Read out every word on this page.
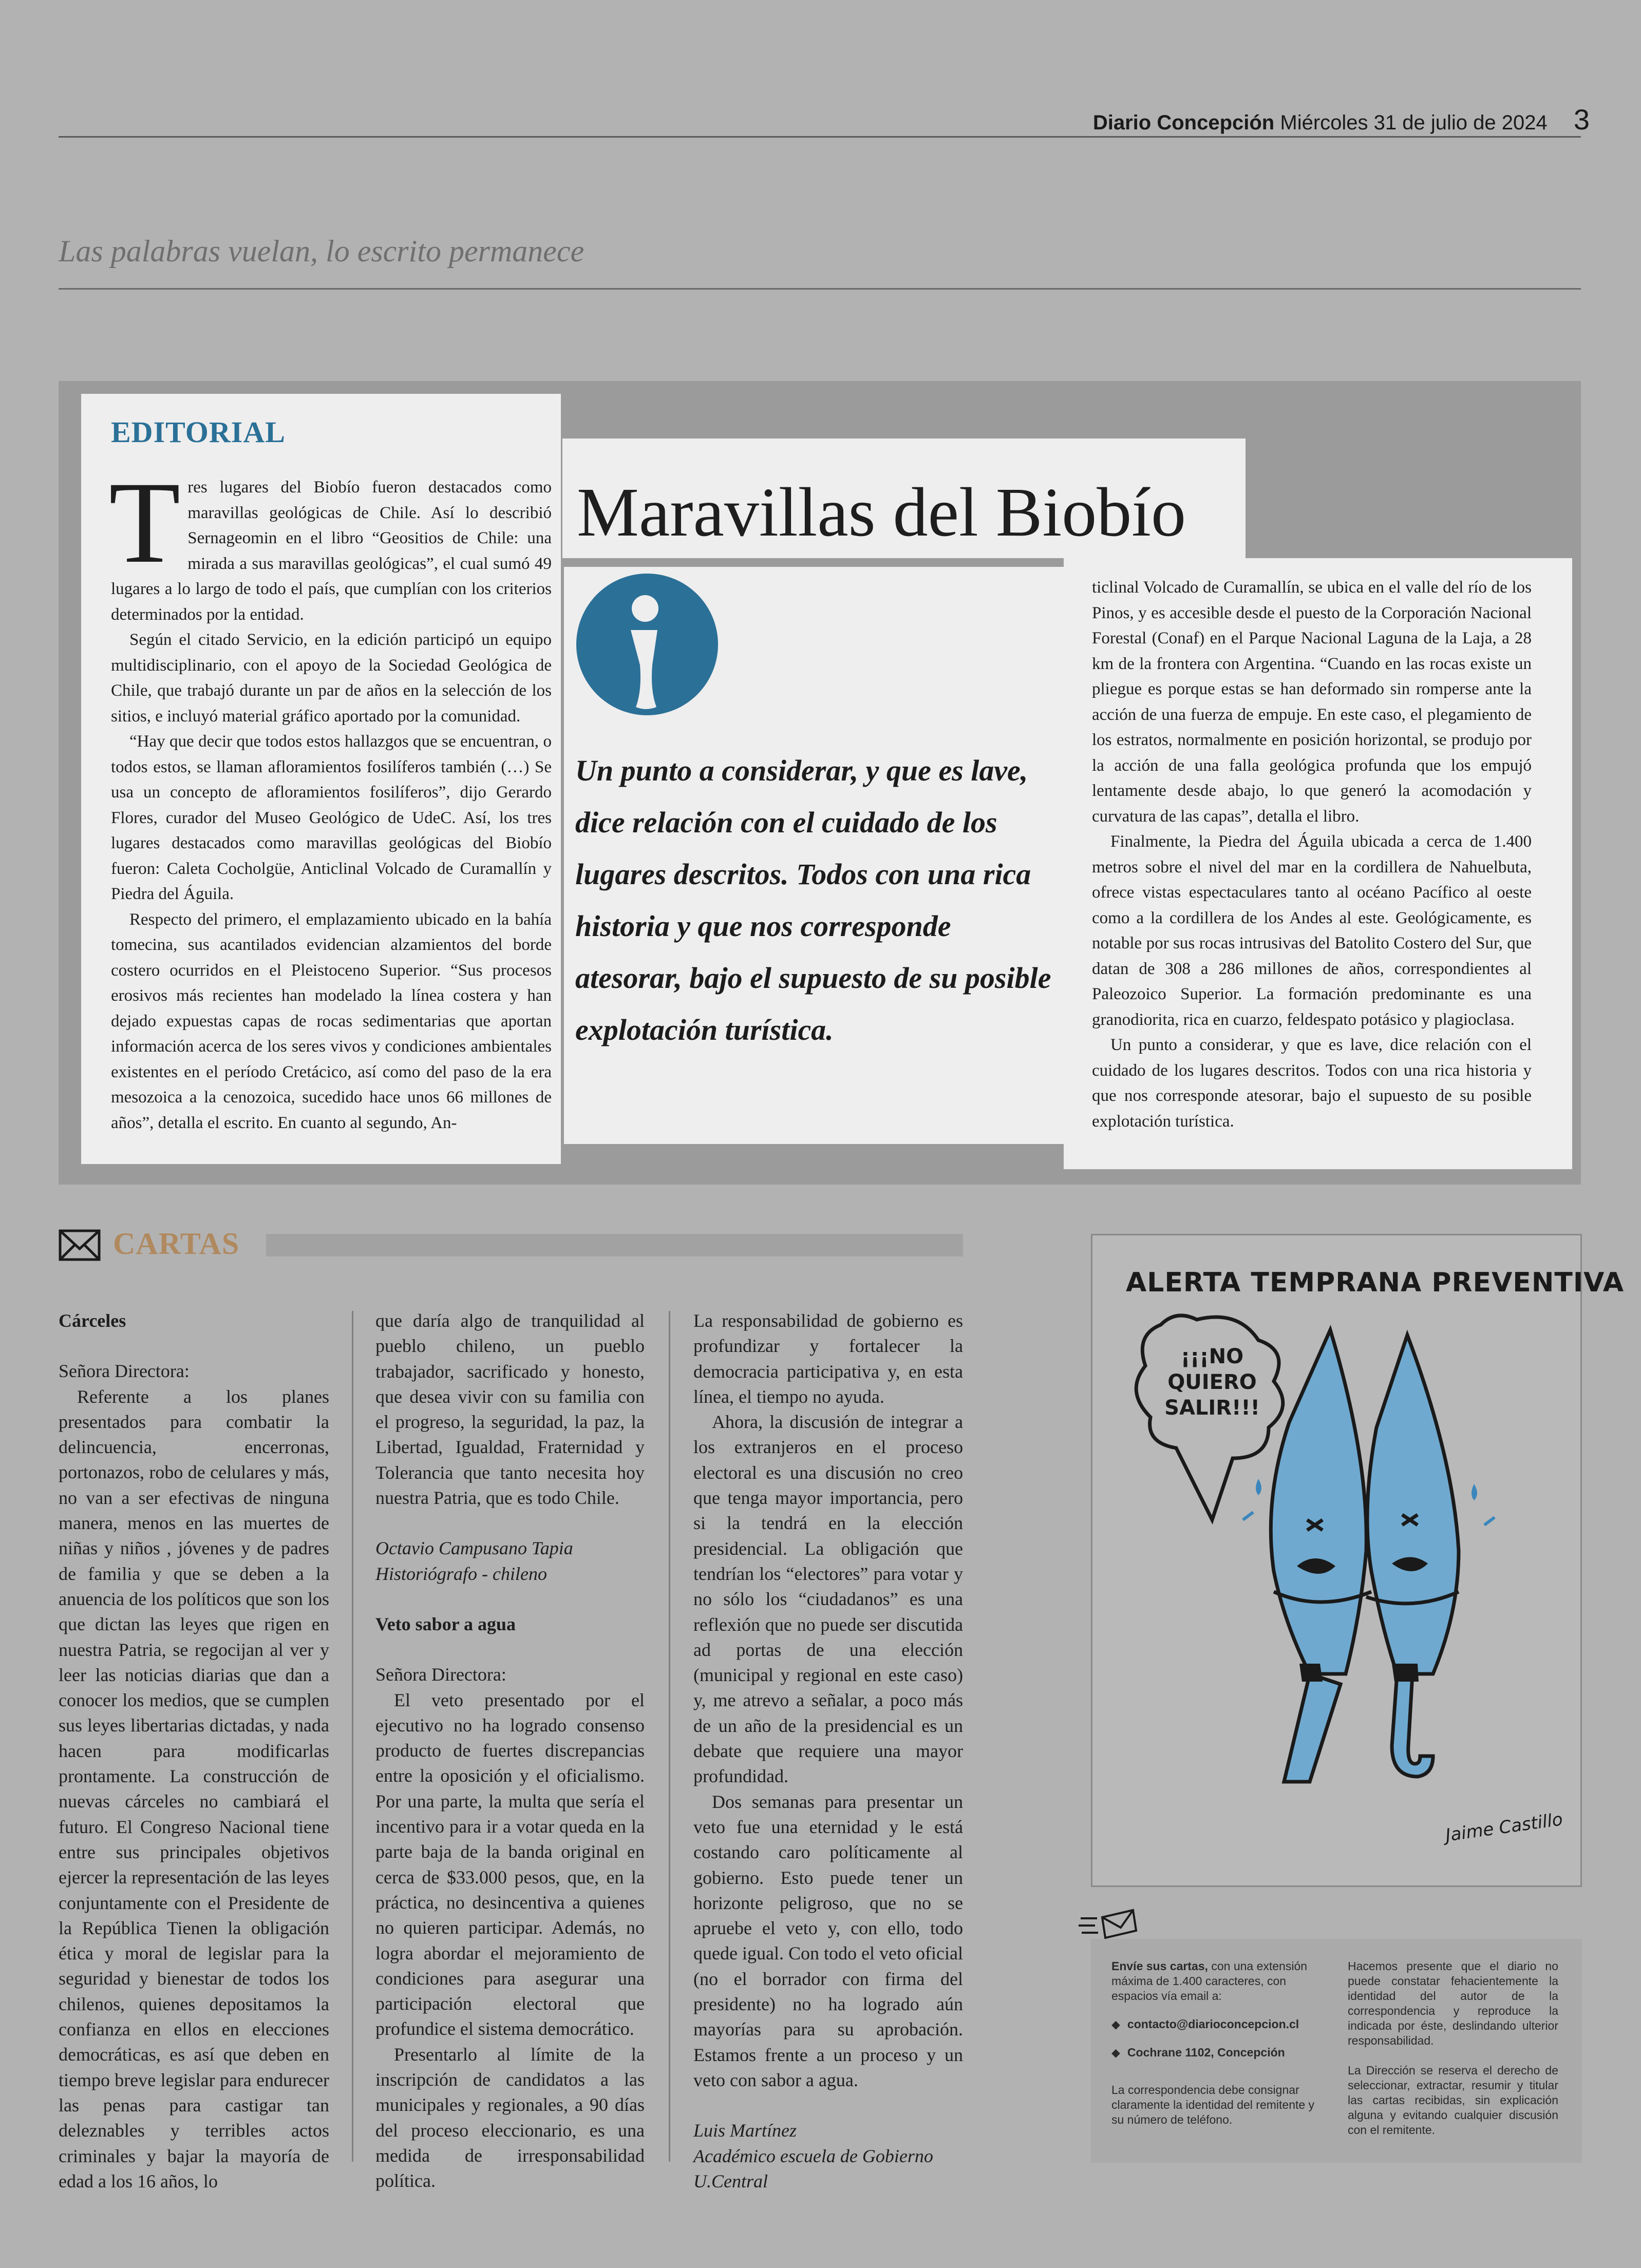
Diario Concepción Miércoles 31 de julio de 2024 3
Las palabras vuelan, lo escrito permanece
EDITORIAL
Maravillas del Biobío

Tres lugares del Biobío fueron destacados como maravillas geológicas de Chile. Así lo describió Sernageomin en el libro “Geositios de Chile: una mirada a sus maravillas geológicas”, el cual sumó 49 lugares a lo largo de todo el país, que cumplían con los criterios determinados por la entidad.

Según el citado Servicio, en la edición participó un equipo multidisciplinario, con el apoyo de la Sociedad Geológica de Chile, que trabajó durante un par de años en la selección de los sitios, e incluyó material gráfico aportado por la comunidad.

“Hay que decir que todos estos hallazgos que se encuentran, o todos estos, se llaman afloramientos fosilíferos también (…) Se usa un concepto de afloramientos fosilíferos”, dijo Gerardo Flores, curador del Museo Geológico de UdeC. Así, los tres lugares destacados como maravillas geológicas del Biobío fueron: Caleta Cocholgüe, Anticlinal Volcado de Curamallín y Piedra del Águila.

Respecto del primero, el emplazamiento ubicado en la bahía tomecina, sus acantilados evidencian alzamientos del borde costero ocurridos en el Pleistoceno Superior. “Sus procesos erosivos más recientes han modelado la línea costera y han dejado expuestas capas de rocas sedimentarias que aportan información acerca de los seres vivos y condiciones ambientales existentes en el período Cretácico, así como del paso de la era mesozoica a la cenozoica, sucedido hace unos 66 millones de años”, detalla el escrito. En cuanto al segundo, An-

Un punto a considerar, y que es lave, dice relación con el cuidado de los lugares descritos. Todos con una rica historia y que nos corresponde atesorar, bajo el supuesto de su posible explotación turística.

ticlinal Volcado de Curamallín, se ubica en el valle del río de los Pinos, y es accesible desde el puesto de la Corporación Nacional Forestal (Conaf) en el Parque Nacional Laguna de la Laja, a 28 km de la frontera con Argentina. “Cuando en las rocas existe un pliegue es porque estas se han deformado sin romperse ante la acción de una fuerza de empuje. En este caso, el plegamiento de los estratos, normalmente en posición horizontal, se produjo por la acción de una falla geológica profunda que los empujó lentamente desde abajo, lo que generó la acomodación y curvatura de las capas”, detalla el libro.

Finalmente, la Piedra del Águila ubicada a cerca de 1.400 metros sobre el nivel del mar en la cordillera de Nahuelbuta, ofrece vistas espectaculares tanto al océano Pacífico al oeste como a la cordillera de los Andes al este. Geológicamente, es notable por sus rocas intrusivas del Batolito Costero del Sur, que datan de 308 a 286 millones de años, correspondientes al Paleozoico Superior. La formación predominante es una granodiorita, rica en cuarzo, feldespato potásico y plagioclasa.

Un punto a considerar, y que es lave, dice relación con el cuidado de los lugares descritos. Todos con una rica historia y que nos corresponde atesorar, bajo el supuesto de su posible explotación turística.

CARTAS

Cárceles

Señora Directora:

Referente a los planes presentados para combatir la delincuencia, encerronas, portonazos, robo de celulares y más, no van a ser efectivas de ninguna manera, menos en las muertes de niñas y niños , jóvenes y de padres de familia y que se deben a la anuencia de los políticos que son los que dictan las leyes que rigen en nuestra Patria, se regocijan al ver y leer las noticias diarias que dan a conocer los medios, que se cumplen sus leyes libertarias dictadas, y nada hacen para modificarlas prontamente. La construcción de nuevas cárceles no cambiará el futuro. El Congreso Nacional tiene entre sus principales objetivos ejercer la representación de las leyes conjuntamente con el Presidente de la República Tienen la obligación ética y moral de legislar para la seguridad y bienestar de todos los chilenos, quienes depositamos la confianza en ellos en elecciones democráticas, es así que deben en tiempo breve legislar para endurecer las penas para castigar tan deleznables y terribles actos criminales y bajar la mayoría de edad a los 16 años, lo

que daría algo de tranquilidad al pueblo chileno, un pueblo trabajador, sacrificado y honesto, que desea vivir con su familia con el progreso, la seguridad, la paz, la Libertad, Igualdad, Fraternidad y Tolerancia que tanto necesita hoy nuestra Patria, que es todo Chile.

Octavio Campusano Tapia

Historiógrafo - chileno

Veto sabor a agua

Señora Directora:

El veto presentado por el ejecutivo no ha logrado consenso producto de fuertes discrepancias entre la oposición y el oficialismo. Por una parte, la multa que sería el incentivo para ir a votar queda en la parte baja de la banda original en cerca de $33.000 pesos, que, en la práctica, no desincentiva a quienes no quieren participar. Además, no logra abordar el mejoramiento de condiciones para asegurar una participación electoral que profundice el sistema democrático.

Presentarlo al límite de la inscripción de candidatos a las municipales y regionales, a 90 días del proceso eleccionario, es una medida de irresponsabilidad política.

La responsabilidad de gobierno es profundizar y fortalecer la democracia participativa y, en esta línea, el tiempo no ayuda.

Ahora, la discusión de integrar a los extranjeros en el proceso electoral es una discusión no creo que tenga mayor importancia, pero si la tendrá en la elección presidencial. La obligación que tendrían los “electores” para votar y no sólo los “ciudadanos” es una reflexión que no puede ser discutida ad portas de una elección (municipal y regional en este caso) y, me atrevo a señalar, a poco más de un año de la presidencial es un debate que requiere una mayor profundidad.

Dos semanas para presentar un veto fue una eternidad y le está costando caro políticamente al gobierno. Esto puede tener un horizonte peligroso, que no se apruebe el veto y, con ello, todo quede igual. Con todo el veto oficial (no el borrador con firma del presidente) no ha logrado aún mayorías para su aprobación. Estamos frente a un proceso y un veto con sabor a agua.

Luis Martínez

Académico escuela de Gobierno

U.Central

ALERTA TEMPRANA PREVENTIVA
¡¡¡NO
QUIERO
SALIR!!!
Jaime Castillo

Envíe sus cartas, con una extensión máxima de 1.400 caracteres, con espacios vía email a:

◆ contacto@diarioconcepcion.cl

◆ Cochrane 1102, Concepción

La correspondencia debe consignar claramente la identidad del remitente y su número de teléfono.

Hacemos presente que el diario no puede constatar fehacientemente la identidad del autor de la correspondencia y reproduce la indicada por éste, deslindando ulterior responsabilidad.

La Dirección se reserva el derecho de seleccionar, extractar, resumir y titular las cartas recibidas, sin explicación alguna y evitando cualquier discusión con el remitente.
